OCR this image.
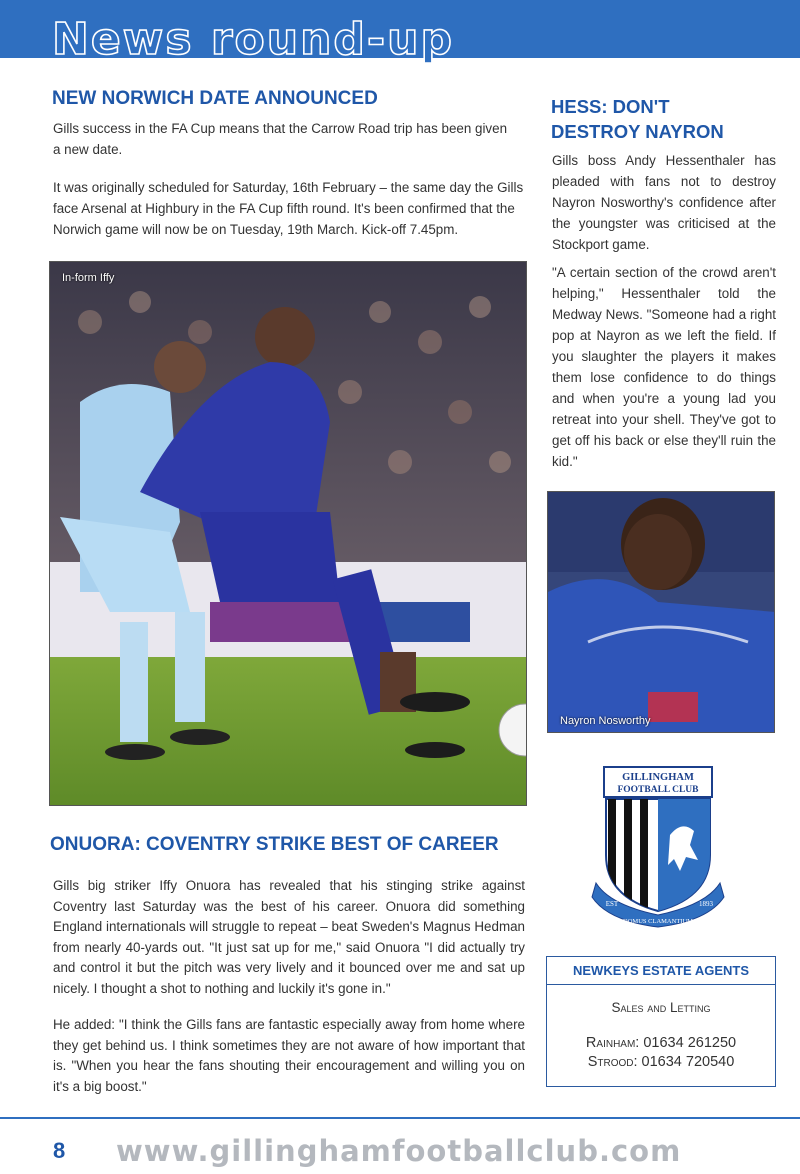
News round-up
NEW NORWICH DATE ANNOUNCED
Gills success in the FA Cup means that the Carrow Road trip has been given
a new date.
It was originally scheduled for Saturday, 16th February – the same day the Gills
face Arsenal at Highbury in the FA Cup fifth round. It's been confirmed that the
Norwich game will now be on Tuesday, 19th March. Kick-off 7.45pm.
In-form Iffy
HESS: DON'T
DESTROY NAYRON
Gills boss Andy Hessenthaler has pleaded with fans not to destroy Nayron Nosworthy's confidence after the youngster was criticised at the Stockport game.
"A certain section of the crowd aren't helping," Hessenthaler told the Medway News. "Someone had a right pop at Nayron as we left the field. If you slaughter the players it makes them lose confidence to do things and when you're a young lad you retreat into your shell. They've got to get off his back or else they'll ruin the kid."
Nayron Nosworthy
GILLINGHAM
FOOTBALL CLUB
EST	1893
DOMUS CLAMANTIUM
ONUORA: COVENTRY STRIKE BEST OF CAREER
Gills big striker Iffy Onuora has revealed that his stinging strike against Coventry last Saturday was the best of his career. Onuora did something England internationals will struggle to repeat – beat Sweden's Magnus Hedman from nearly 40-yards out. "It just sat up for me," said Onuora "I did actually try and control it but the pitch was very lively and it bounced over me and sat up nicely. I thought a shot to nothing and luckily it's gone in."
He added: "I think the Gills fans are fantastic especially away from home where they get behind us. I think sometimes they are not aware of how important that is. "When you hear the fans shouting their encouragement and willing you on it's a big boost."
NEWKEYS ESTATE AGENTS
Sales and Letting
Rainham: 01634 261250
Strood: 01634 720540
8 www.gillinghamfootballclub.com
